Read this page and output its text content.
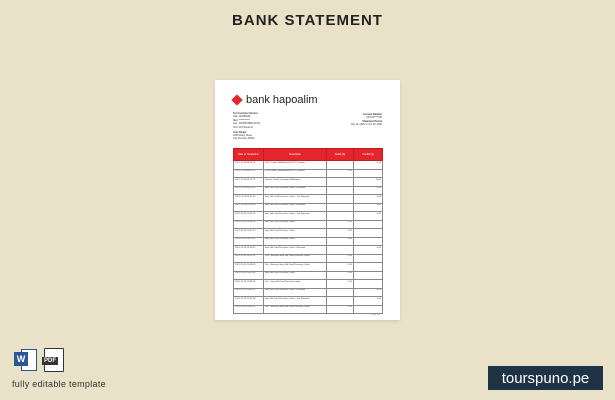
BANK STATEMENT
bank hapoalim
For Customer Service
Call: 123456000
Mail: ************
Fax: 12345678890-00-00
Visit: 123 Street St
Jose Dicipe
2345 Dusty Street
City Province 00000
Account Number
XXXXX****345
Statement Period
July 10, 2020 to Jun 30, 2020
Date of Transaction	Description	Debits ($)	Credits ($)
2021-12-16 08:14:23	POS Credit VISA Refund PLUTO Sweets		0.10
2021-12-16 08:17:22	POS Credit VISA Refund PLUTO Sweets	0.10	
2021-12-16 09:11:22	Deposit Credit Customer Withdrawal		10.00
2021-12-16 09:17:53	Item Gift Card Purchase Order - Renewal		0.20
2021-12-16 09:47:26	Item Gift Card Purchase Order - Yes Renewal		0.40
2021-12-16 09:50:28	Item Gift Card Purchase Order - Renewal		0.20
2021-12-16 10:01:12	Item Gift Card Purchase Order - Yes Renewal		0.40
2021-12-16 10:04:33	Item Gift Card Purchase Order	0.10	
2021-12-16 10:07:12	Item Gift Card Purchase Order	0.20	
2021-12-16 10:12:47	Item Gift Card Purchase Order	0.40	
2021-12-16 10:18:22	Item Gift Card Purchase Order - Renewal		0.20
2021-12-16 10:21:12	Pos - Reversal Item Gift Card Purchase Order	0.20	
2021-12-16 10:28:09	Pos - Reversal Item Gift Card Purchase Order	0.10	
2021-12-16 10:31:44	Item Gift Card Purchase Order	0.20	
2021-12-16 10:38:51	Pos - Item Gift Card Purchase Order	0.10	
2021-12-16 10:45:12	Item Gift Card Purchase Order - Renewal		0.20
2021-12-16 10:47:38	Item Gift Card Purchase Order - Yes Renewal		0.40
2021-12-16 10:51:11	Pos - Reversal Item Gift Card Purchase Order	0.20	
Page 1/1
W	PDF
fully editable template	tourspuno.pe
